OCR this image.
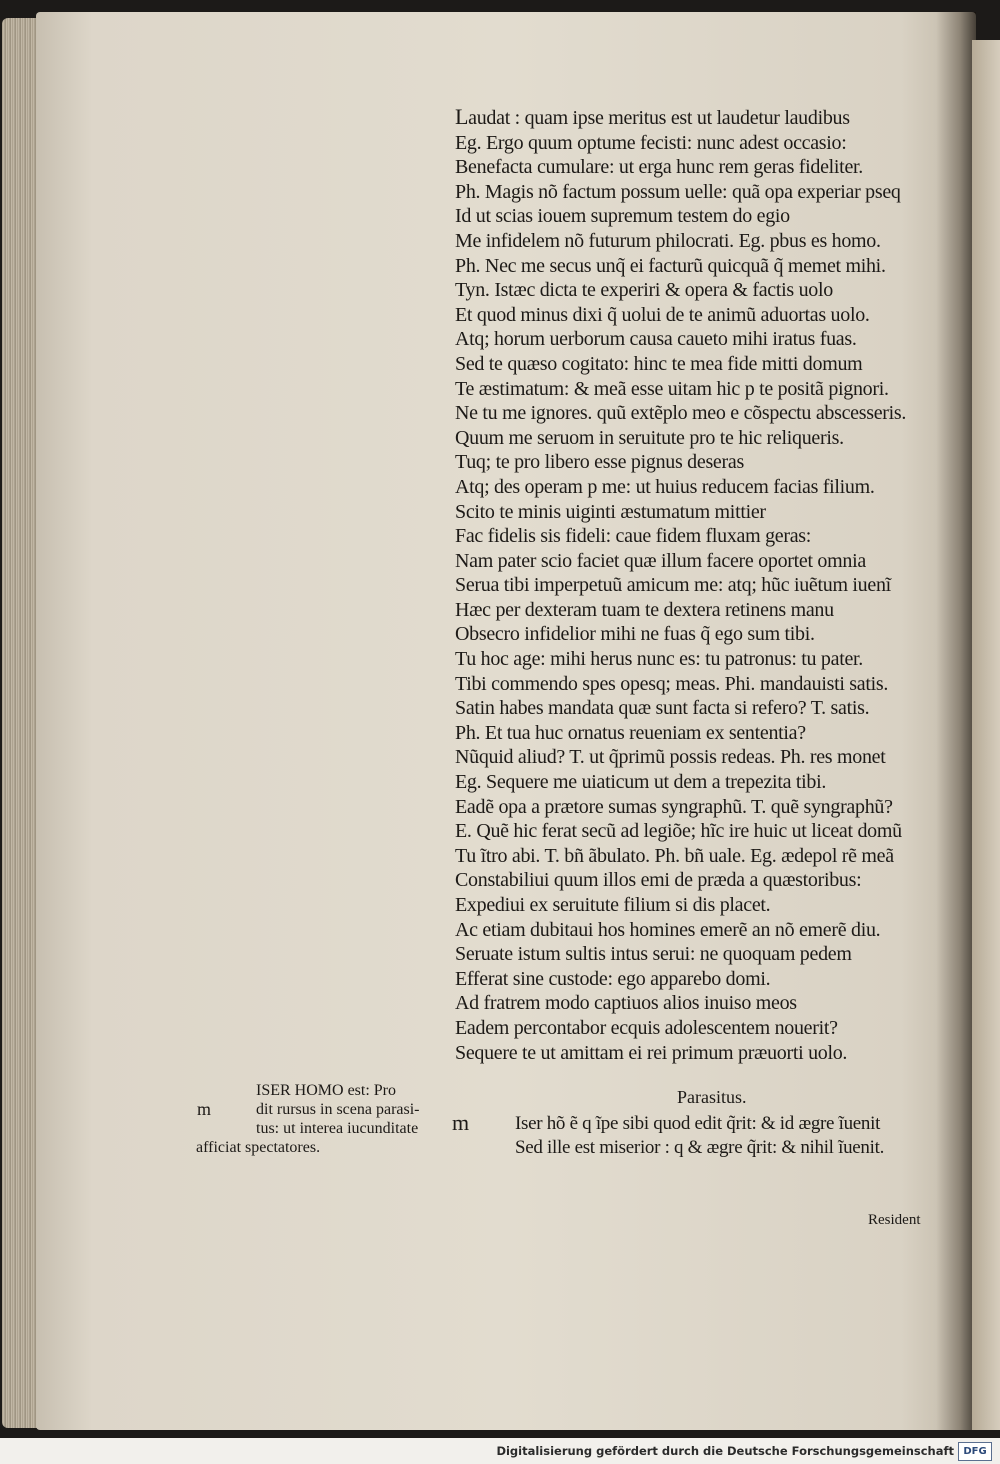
Laudat : quam ipse meritus est ut laudetur laudibus
Eg. Ergo quum optume fecisti: nunc adest occasio:
Benefacta cumulare: ut erga hunc rem geras fideliter.
Ph. Magis nõ factum possum uelle: quã opa experiar pseq
Id ut scias iouem supremum testem do egio
Me infidelem nõ futurum philocrati. Eg. pbus es homo.
Ph. Nec me secus unq̃ ei facturũ quicquã q̃ memet mihi.
Tyn. Istæc dicta te experiri & opera & factis uolo
Et quod minus dixi q̃ uolui de te animũ aduortas uolo.
Atq; horum uerborum causa caueto mihi iratus fuas.
Sed te quæso cogitato: hinc te mea fide mitti domum
Te æstimatum: & meã esse uitam hic p te positã pignori.
Ne tu me ignores. quũ extẽplo meo e cõspectu abscesseris.
Quum me seruom in seruitute pro te hic reliqueris.
Tuq; te pro libero esse pignus deseras
Atq; des operam p me: ut huius reducem facias filium.
Scito te minis uiginti æstumatum mittier
Fac fidelis sis fideli: caue fidem fluxam geras:
Nam pater scio faciet quæ illum facere oportet omnia
Serua tibi imperpetuũ amicum me: atq; hũc iuẽtum iuenĩ
Hæc per dexteram tuam te dextera retinens manu
Obsecro infidelior mihi ne fuas q̃ ego sum tibi.
Tu hoc age: mihi herus nunc es: tu patronus: tu pater.
Tibi commendo spes opesq; meas. Phi. mandauisti satis.
Satin habes mandata quæ sunt facta si refero? T. satis.
Ph. Et tua huc ornatus reueniam ex sententia?
Nũquid aliud? T. ut q̃primũ possis redeas. Ph. res monet
Eg. Sequere me uiaticum ut dem a trepezita tibi.
Eadẽ opa a prætore sumas syngraphũ. T. quẽ syngraphũ?
E. Quẽ hic ferat secũ ad legiõe; hĩc ire huic ut liceat domũ
Tu ĩtro abi. T. bñ ãbulato. Ph. bñ uale. Eg. ædepol rẽ meã
Constabiliui quum illos emi de præda a quæstoribus:
Expediui ex seruitute filium si dis placet.
Ac etiam dubitaui hos homines emerẽ an nõ emerẽ diu.
Seruate istum sultis intus serui: ne quoquam pedem
Efferat sine custode: ego apparebo domi.
Ad fratrem modo captiuos alios inuiso meos
Eadem percontabor ecquis adolescentem nouerit?
Sequere te ut amittam ei rei primum præuorti uolo.
Parasitus.
m Iser hõ ẽ q ĩpe sibi quod edit q̃rit: & id ægre ĩuenit
Sed ille est miserior : q & ægre q̃rit: & nihil ĩuenit.
m
ISER HOMO est: Pro
dit rursus in scena parasi-
tus: ut interea iucunditate
afficiat spectatores.
Resident
Digitalisierung gefördert durch die Deutsche Forschungsgemeinschaft DFG
